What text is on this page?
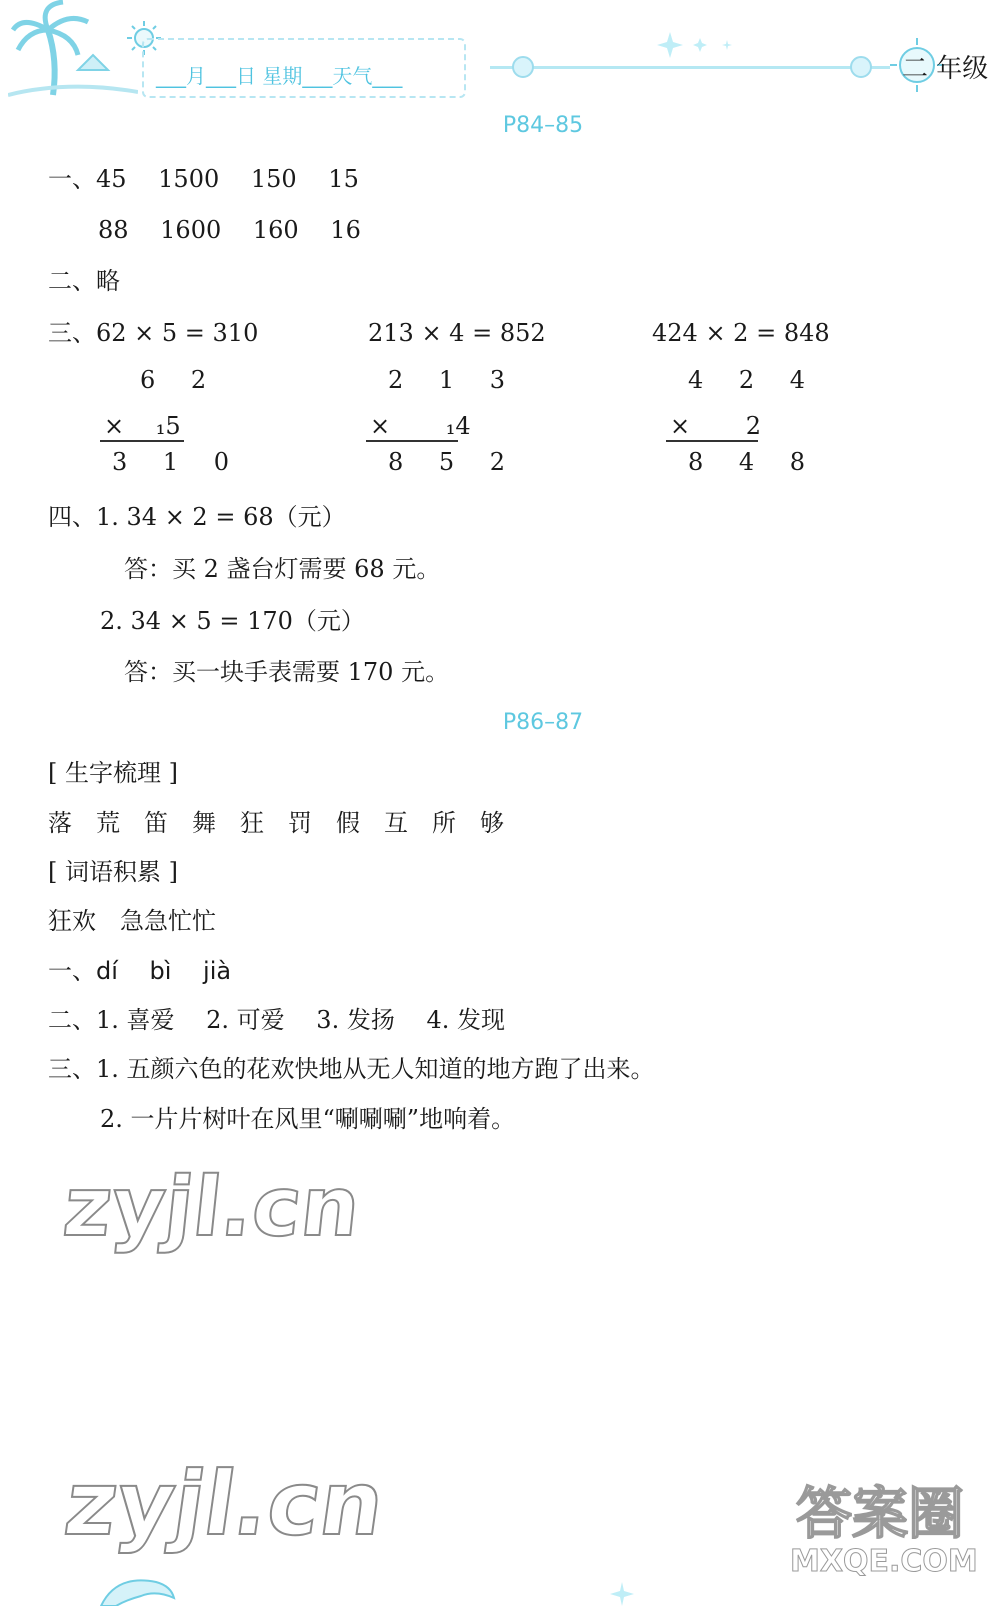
___月___日 星期___天气___	二 年级
P84–85
一、45　 1500　 150　 15
88　 1600　 160　 16
二、略
三、62 × 5 = 310	213 × 4 = 852	424 × 2 = 848
6 2
×　 ₁5
3 1 0
2 1 3
×　　 ₁4
8 5 2
4 2 4
×　　 2
8 4 8
四、1. 34 × 2 = 68（元）
答：买 2 盏台灯需要 68 元。
2. 34 × 5 = 170（元）
答：买一块手表需要 170 元。
P86–87
[ 生字梳理 ]
落　荒　笛　舞　狂　罚　假　互　所　够
[ 词语积累 ]
狂欢　急急忙忙
一、dí　 bì　 jià
二、1. 喜爱　 2. 可爱　 3. 发扬　 4. 发现
三、1. 五颜六色的花欢快地从无人知道的地方跑了出来。
2. 一片片树叶在风里“唰唰唰”地响着。
zyjl.cn
zyjl.cn	答案圈
MXQE.COM
